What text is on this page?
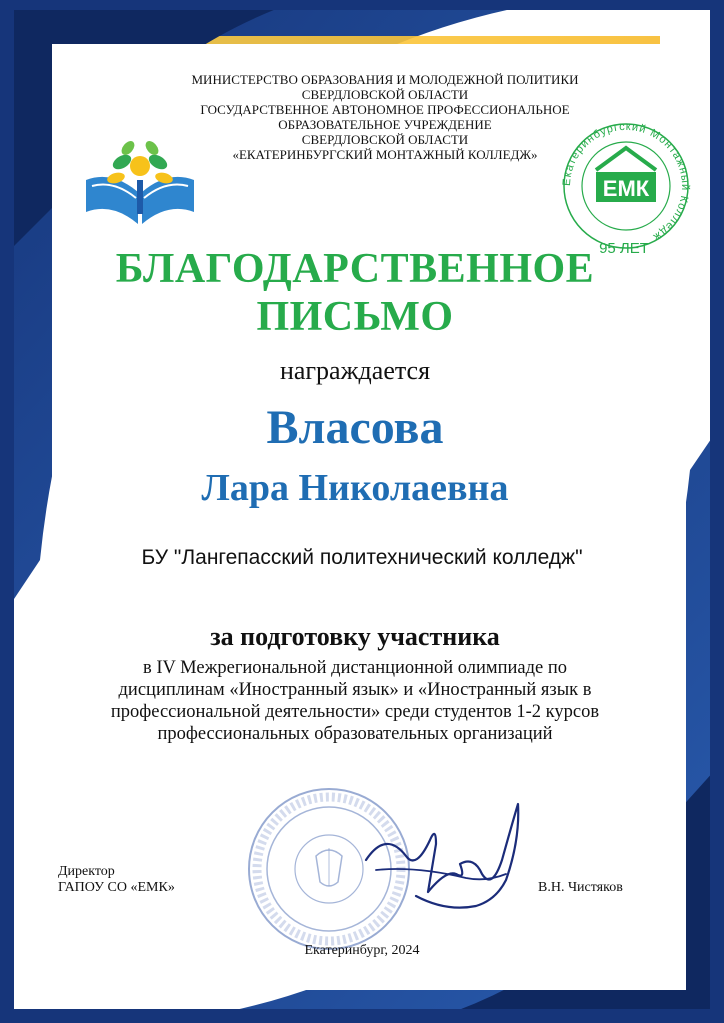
МИНИСТЕРСТВО ОБРАЗОВАНИЯ И МОЛОДЕЖНОЙ ПОЛИТИКИ
СВЕРДЛОВСКОЙ ОБЛАСТИ
ГОСУДАРСТВЕННОЕ АВТОНОМНОЕ ПРОФЕССИОНАЛЬНОЕ
ОБРАЗОВАТЕЛЬНОЕ УЧРЕЖДЕНИЕ
СВЕРДЛОВСКОЙ ОБЛАСТИ
«ЕКАТЕРИНБУРГСКИЙ МОНТАЖНЫЙ КОЛЛЕДЖ»
Екатеринбургский Монтажный Колледж
ЕМК
95 ЛЕТ
БЛАГОДАРСТВЕННОЕ
ПИСЬМО
награждается
Власова
Лара Николаевна
БУ "Лангепасский политехнический колледж"
за подготовку участника
в IV Межрегиональной дистанционной олимпиаде по
дисциплинам «Иностранный язык» и «Иностранный язык в
профессиональной деятельности» среди студентов 1-2 курсов
профессиональных образовательных организаций
Директор
ГАПОУ СО «ЕМК»	В.Н. Чистяков
Екатеринбург, 2024
